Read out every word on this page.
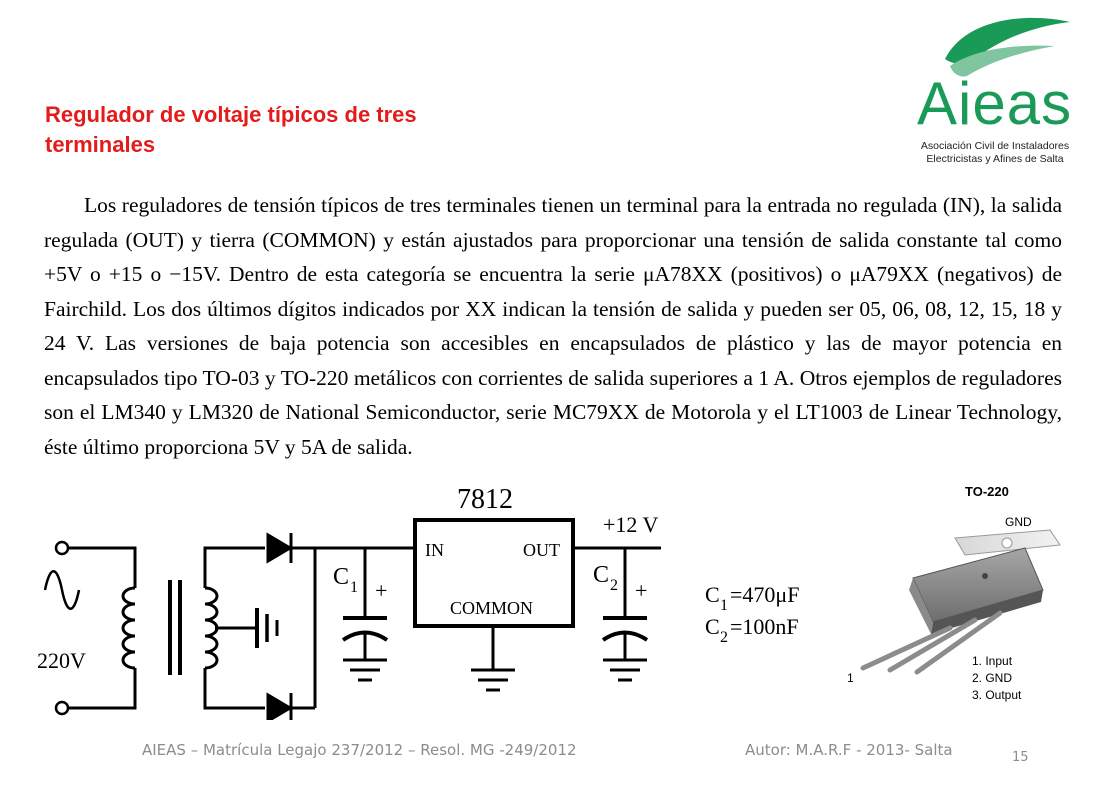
Regulador de voltaje típicos de tres terminales
Aieas
Asociación Civil de Instaladores
Electricistas y Afines de Salta

Los reguladores de tensión típicos de tres terminales tienen un terminal para la entrada no regulada (IN), la salida regulada (OUT) y tierra (COMMON) y están ajustados para proporcionar una tensión de salida constante tal como +5V o +15 o −15V. Dentro de esta categoría se encuentra la serie μA78XX (positivos) o μA79XX (negativos) de Fairchild. Los dos últimos dígitos indicados por XX indican la tensión de salida y pueden ser 05, 06, 08, 12, 15, 18 y 24 V. Las versiones de baja potencia son accesibles en encapsulados de plástico y las de mayor potencia en encapsulados tipo TO-03 y TO-220 metálicos con corrientes de salida superiores a 1 A. Otros ejemplos de reguladores son el LM340 y LM320 de National Semiconductor, serie MC79XX de Motorola y el LT1003 de Linear Technology, éste último proporciona 5V y 5A de salida.

7812
IN	OUT
COMMON
+12 V
220V
C 1 +
C 2 +	C 1 =470μF
C 2 =100nF
TO-220
GND
1
1. Input
2. GND
3. Output
AIEAS – Matrícula Legajo 237/2012 – Resol. MG -249/2012	Autor: M.A.R.F - 2013- Salta	15
